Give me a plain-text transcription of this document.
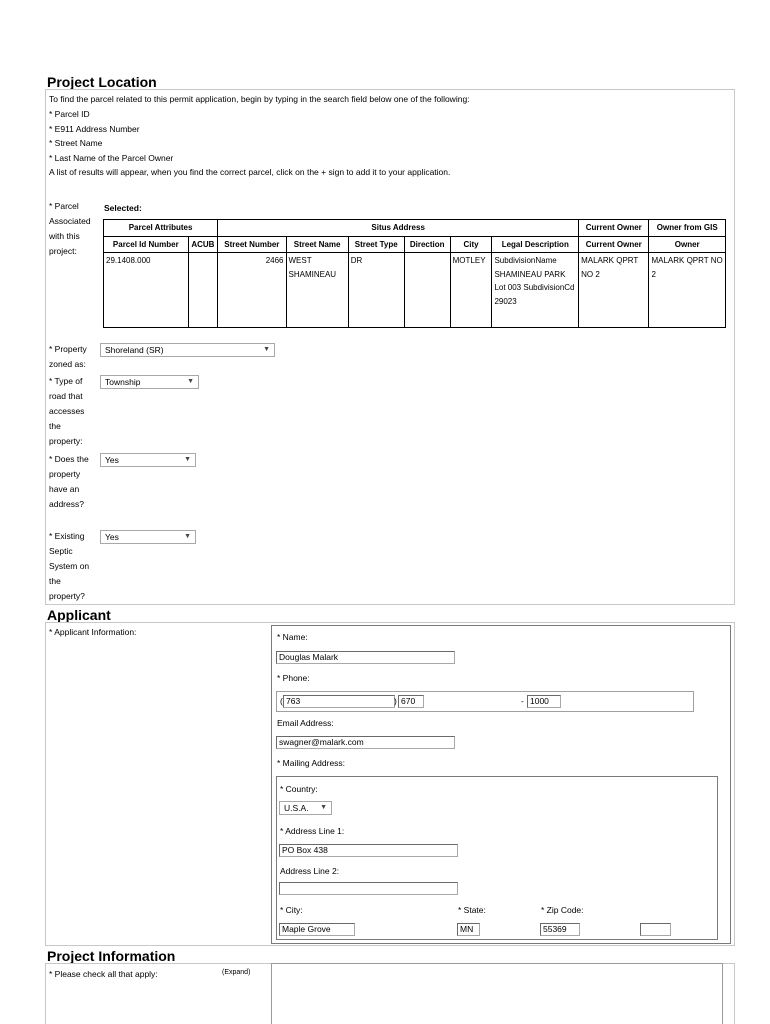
Project Location
To find the parcel related to this permit application, begin by typing in the search field below one of the following:
* Parcel ID
* E911 Address Number
* Street Name
* Last Name of the Parcel Owner
A list of results will appear, when you find the correct parcel, click on the + sign to add it to your application.
* Parcel Associated with this project:
Selected:
Parcel Attributes		Situs Address						Current Owner	Owner from GIS
Parcel Id Number	ACUB	Street Number	Street Name	Street Type	Direction	City	Legal Description	Current Owner	Owner
29.1408.000		2466	WEST SHAMINEAU	DR		MOTLEY	SubdivisionName SHAMINEAU PARK Lot 003 SubdivisionCd 29023	MALARK QPRT NO 2	MALARK QPRT NO 2
* Property zoned as:
Shoreland (SR)	▼
* Type of road that accesses the property:
Township	▼
* Does the property have an address?
Yes	▼
* Existing Septic System on the property?
Yes	▼
Applicant
* Applicant Information:	* Name:
Douglas Malark
* Phone:
( 763	) 670	- 1000
Email Address:
swagner@malark.com
* Mailing Address:
* Country:
U.S.A. ▼
* Address Line 1:
PO Box 438
Address Line 2:
* City:
Maple Grove
* State:
MN
* Zip Code:
55369
Project Information
* Please check all that apply:	(Expand)
